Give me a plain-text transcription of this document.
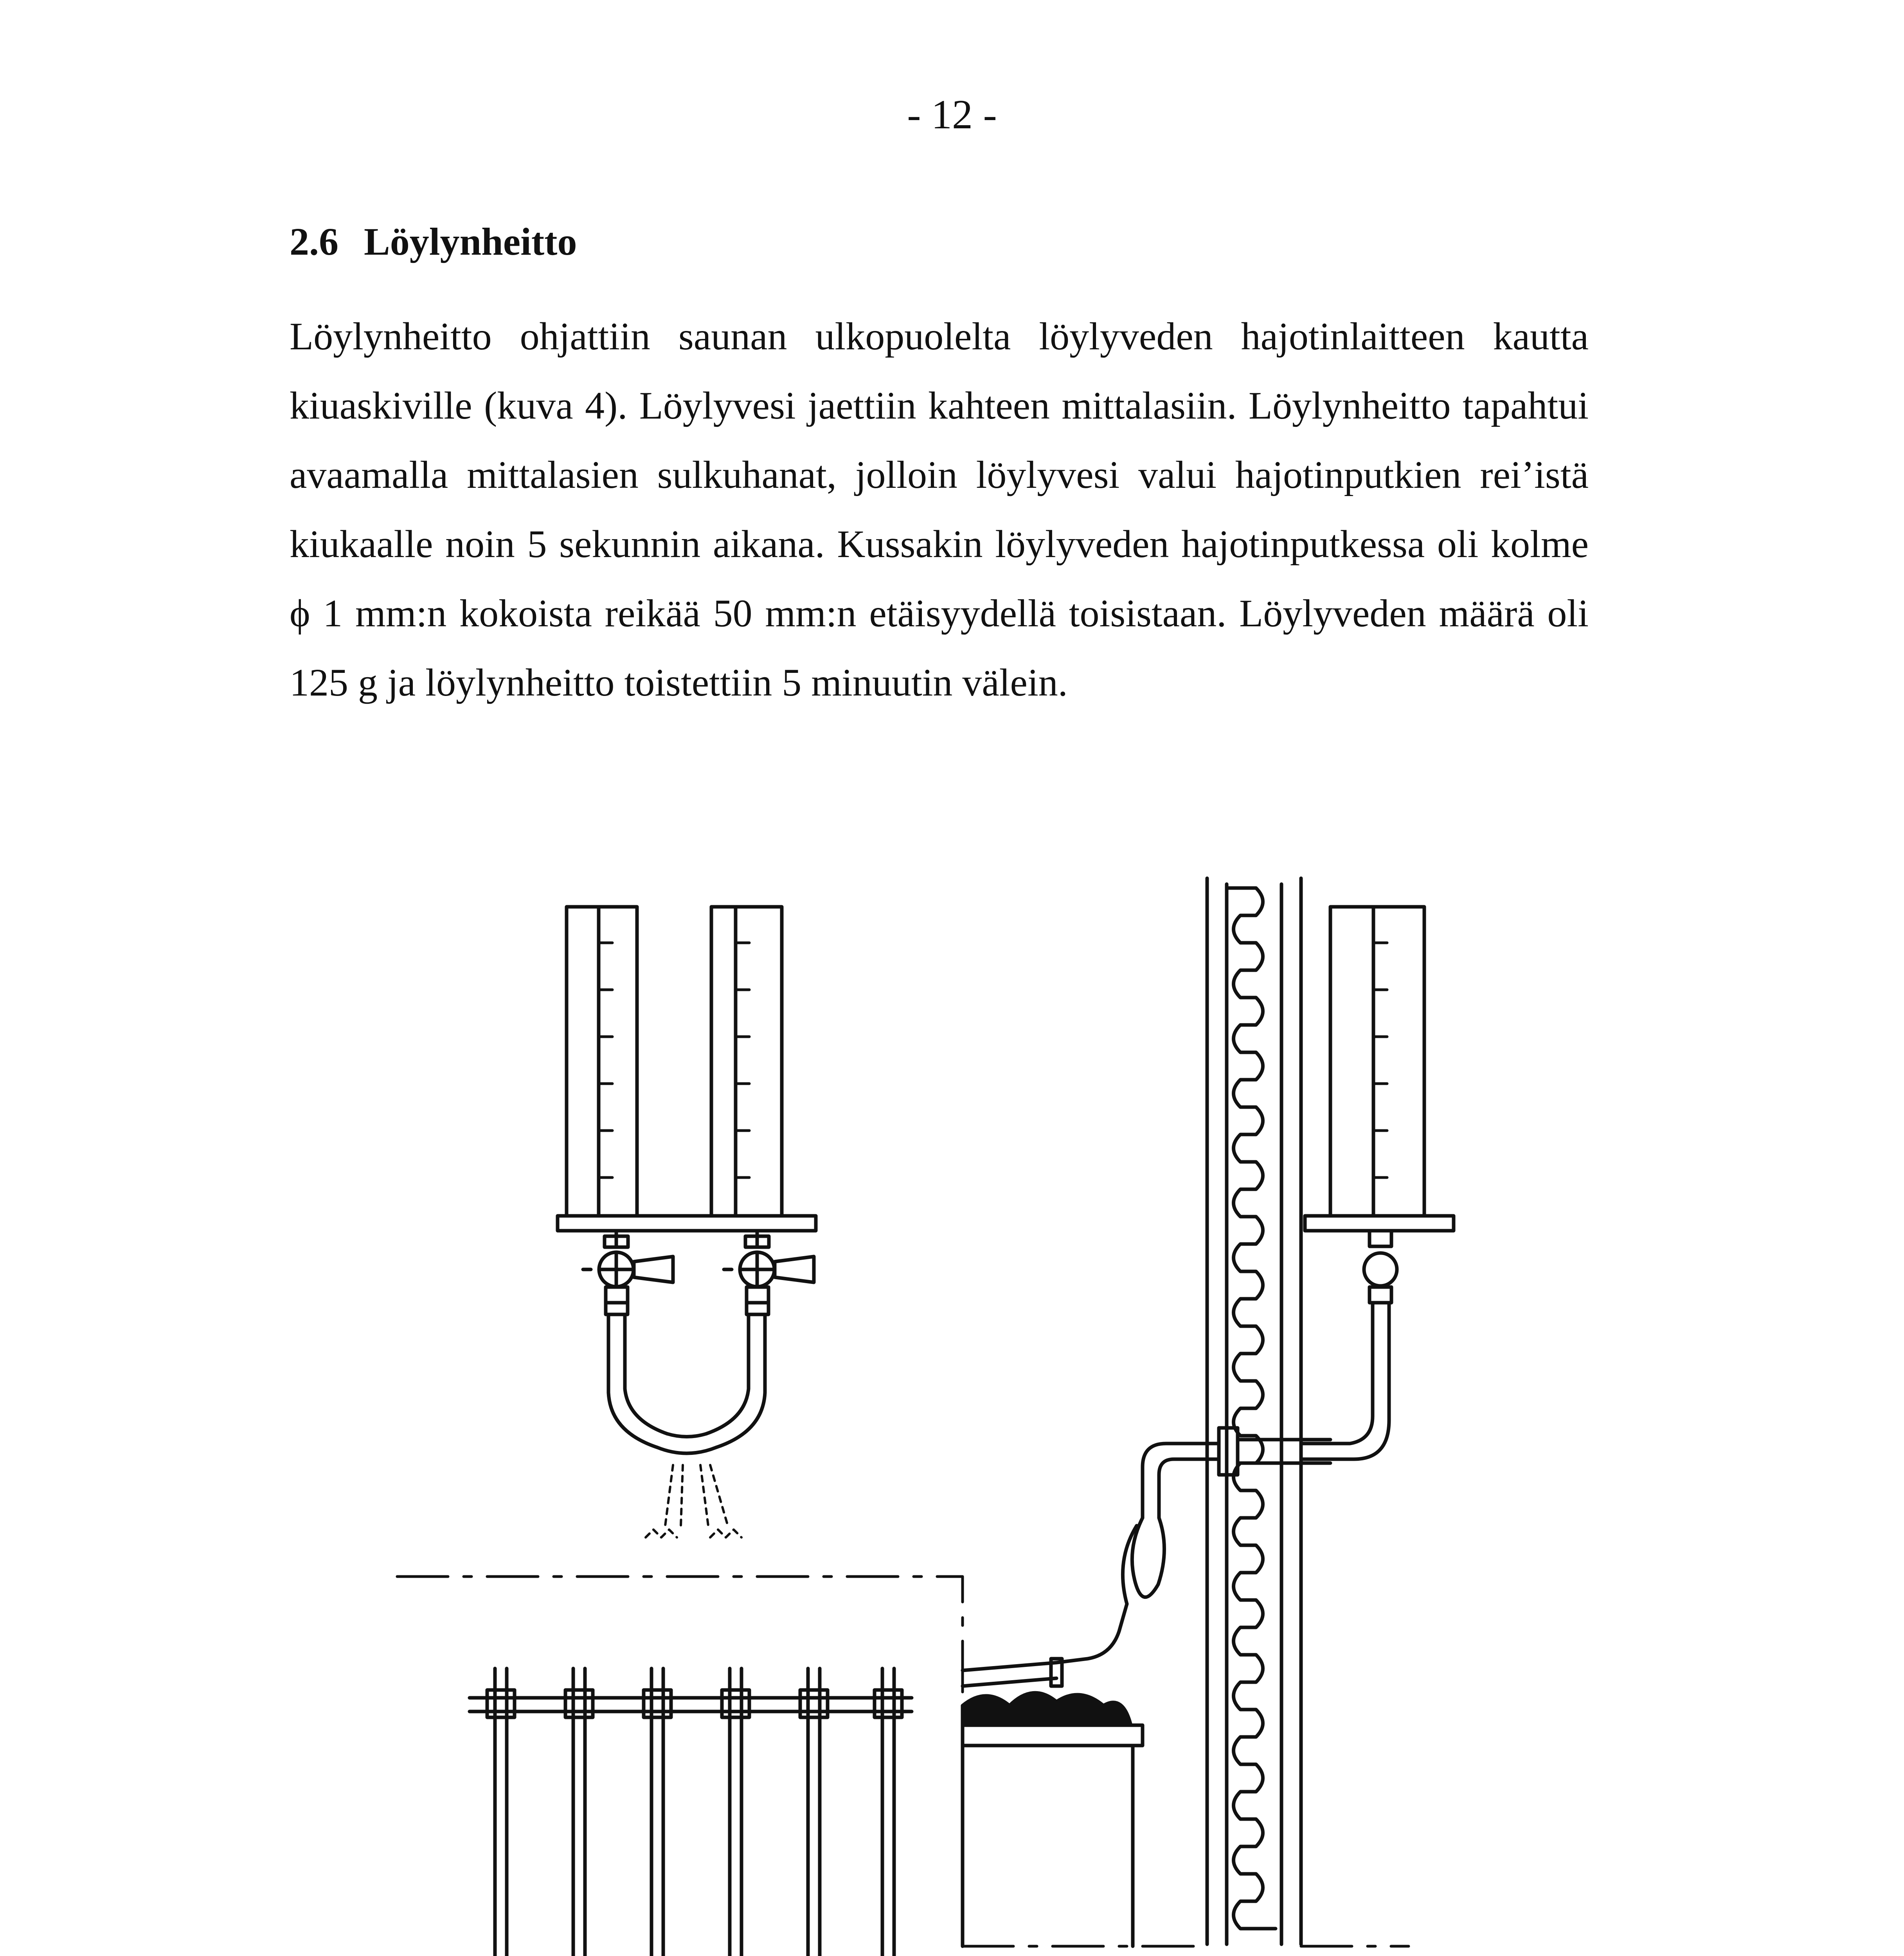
- 12 -
2.6 Löylynheitto
Löylynheitto ohjattiin saunan ulkopuolelta löylyveden hajotinlaitteen kautta
kiuaskiville (kuva 4). Löylyvesi jaettiin kahteen mittalasiin. Löylynheitto tapahtui
avaamalla mittalasien sulkuhanat, jolloin löylyvesi valui hajotinputkien rei’istä
kiukaalle noin 5 sekunnin aikana. Kussakin löylyveden hajotinputkessa oli kolme
ϕ 1 mm:n kokoista reikää 50 mm:n etäisyydellä toisistaan. Löylyveden määrä oli
125 g ja löylynheitto toistettiin 5 minuutin välein.
